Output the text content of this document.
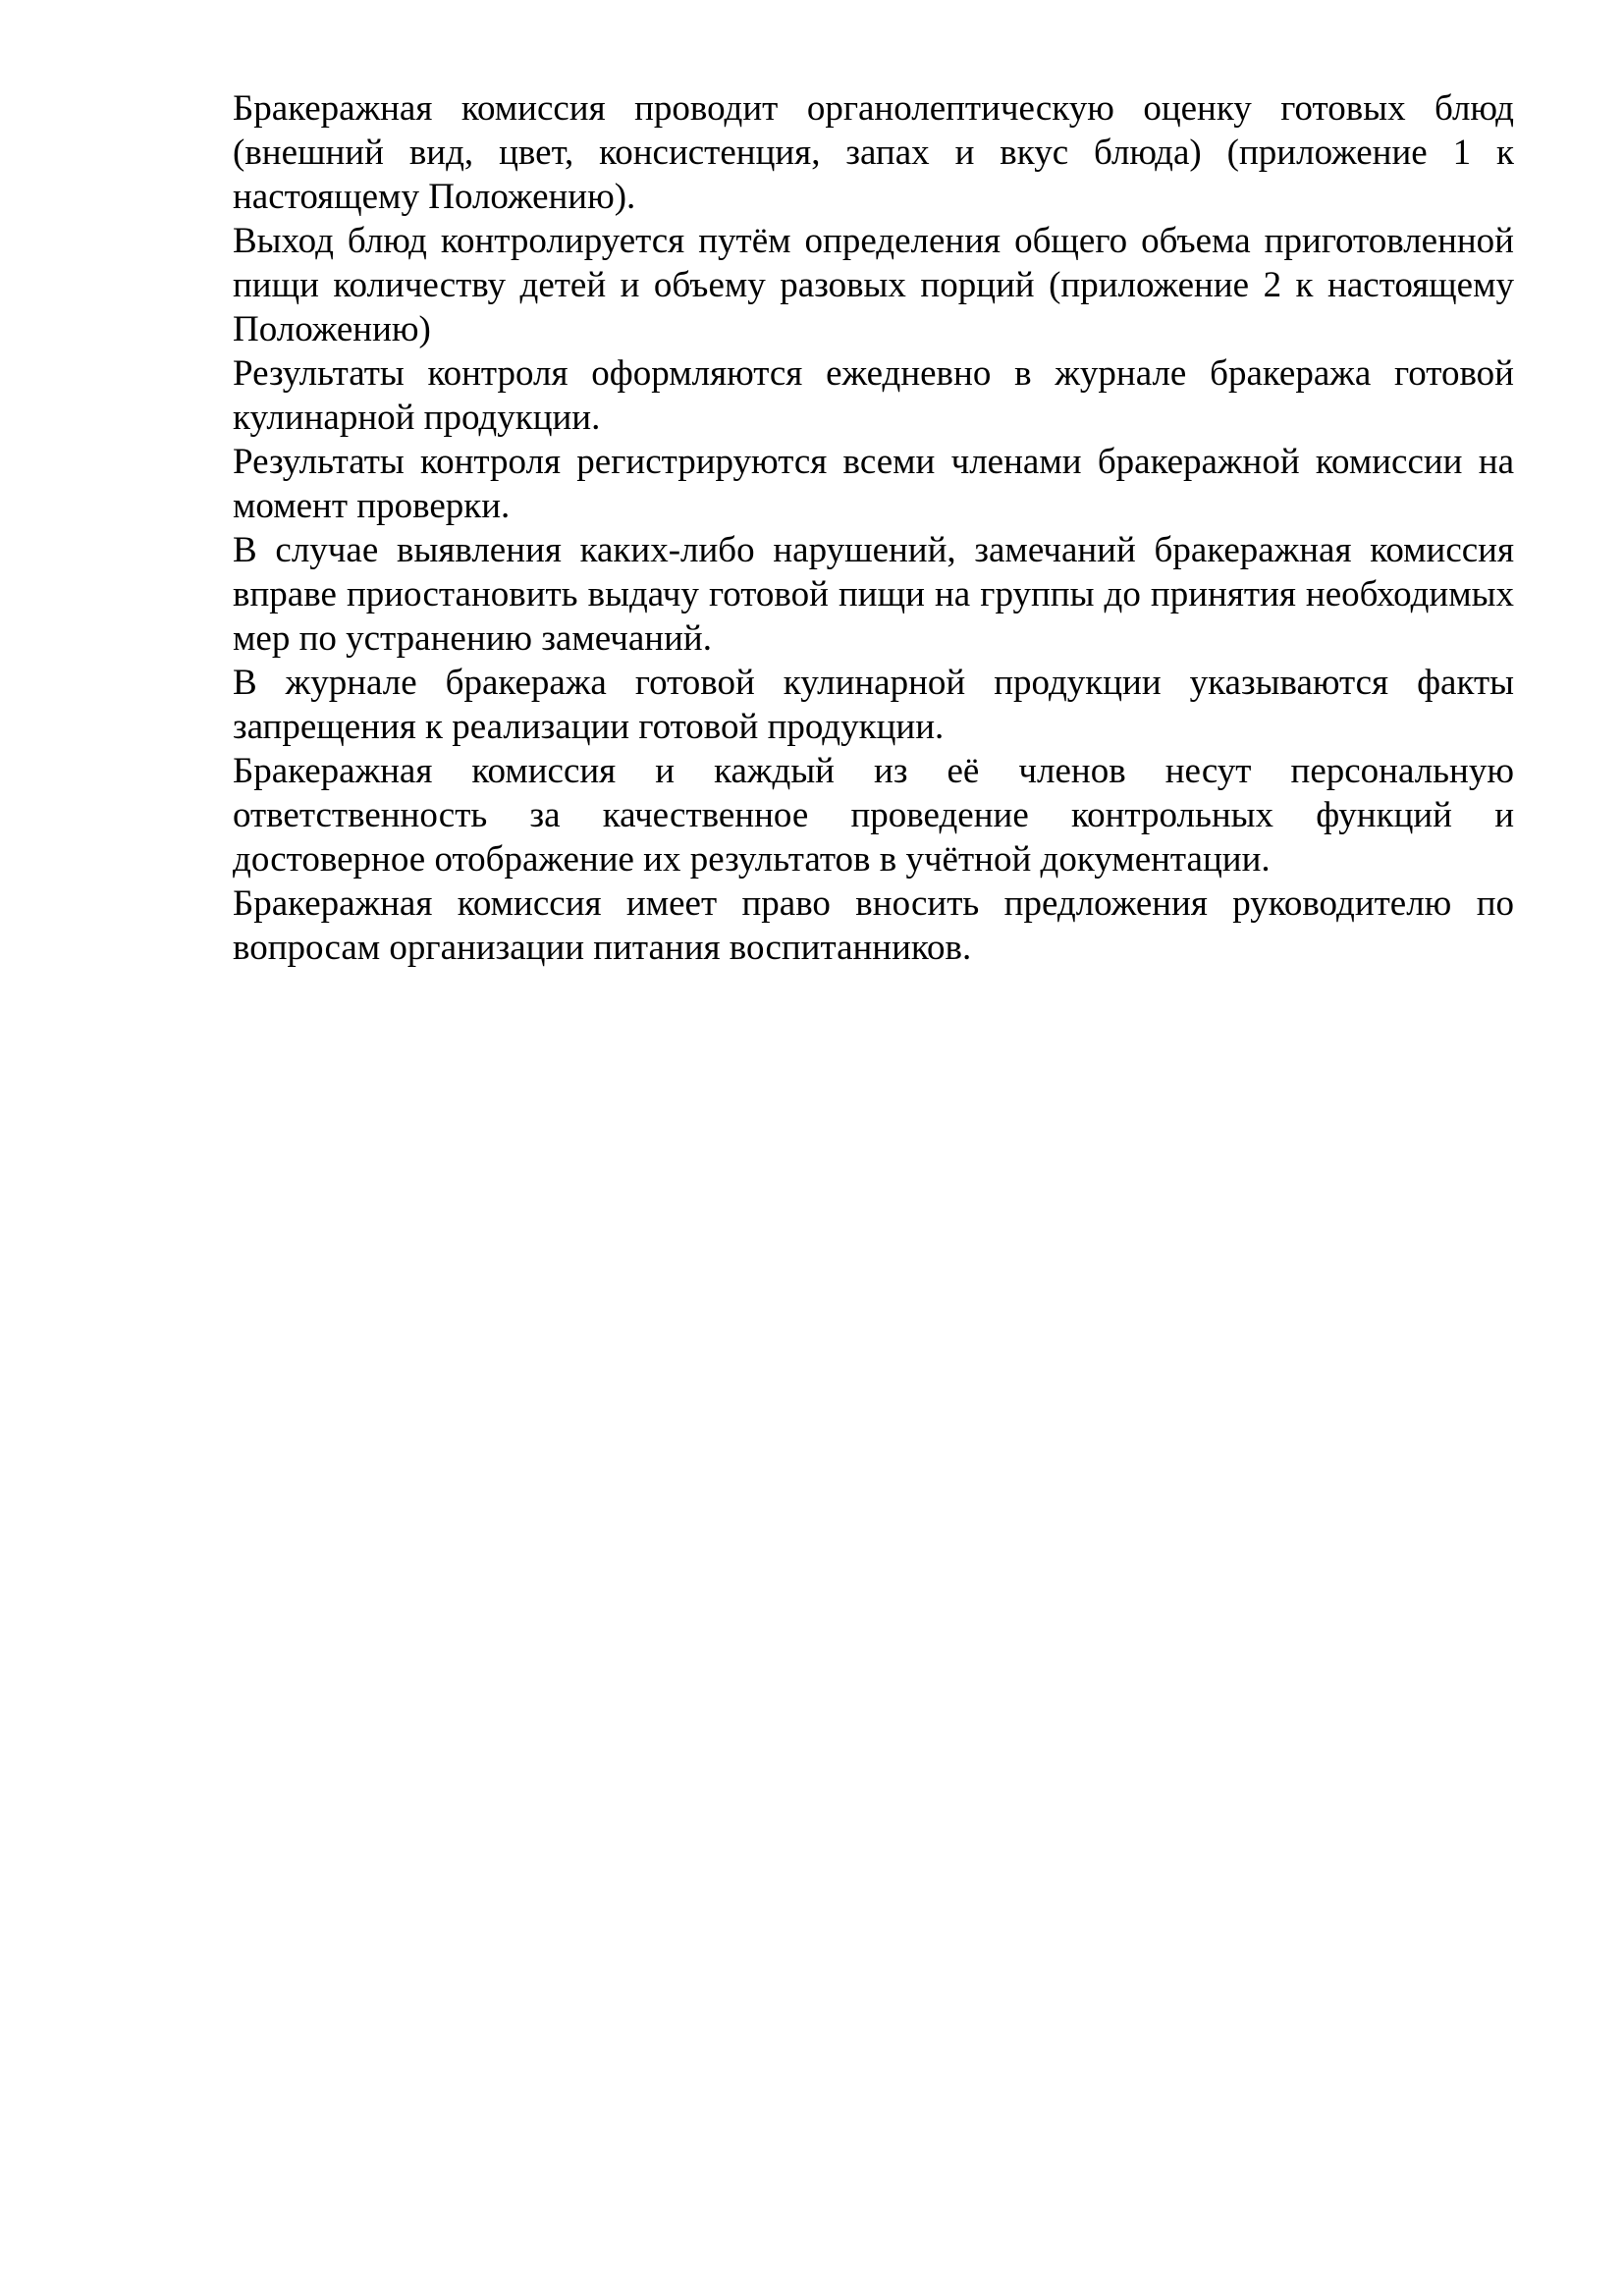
Бракеражная комиссия проводит органолептическую оценку готовых блюд (внешний вид, цвет, консистенция, запах и вкус блюда) (приложение 1 к настоящему Положению).

Выход блюд контролируется путём определения общего объема приготовленной пищи количеству детей и объему разовых порций (приложение 2 к настоящему Положению)

Результаты контроля оформляются ежедневно в журнале бракеража готовой кулинарной продукции.

Результаты контроля регистрируются всеми членами бракеражной комиссии на момент проверки.

В случае выявления каких-либо нарушений, замечаний бракеражная комиссия вправе приостановить выдачу готовой пищи на группы до принятия необходимых мер по устранению замечаний.

В журнале бракеража готовой кулинарной продукции указываются факты запрещения к реализации готовой продукции.

Бракеражная комиссия и каждый из её членов несут персональную ответственность за качественное проведение контрольных функций и достоверное отображение их результатов в учётной документации.

Бракеражная комиссия имеет право вносить предложения руководителю по вопросам организации питания воспитанников.
